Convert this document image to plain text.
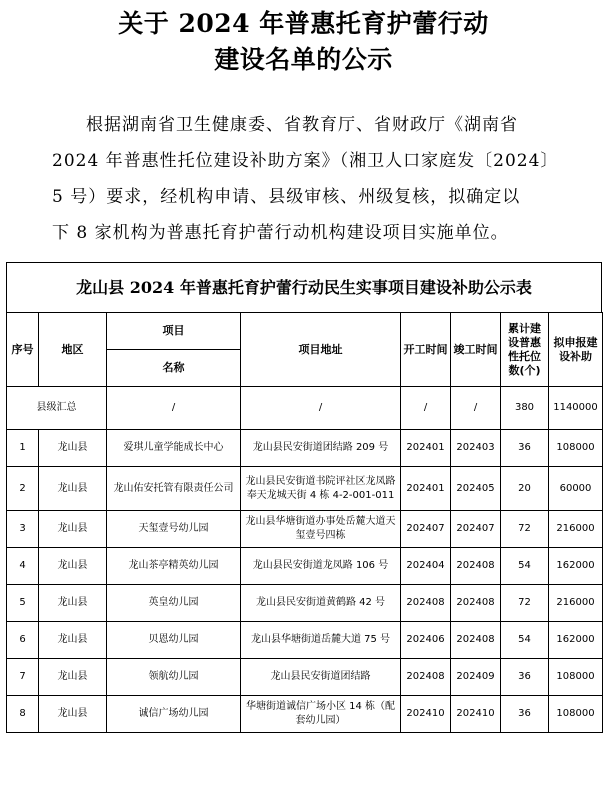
关于 2024 年普惠托育护蕾行动
建设名单的公示
根据湖南省卫生健康委、省教育厅、省财政厅《湖南省
2024 年普惠性托位建设补助方案》（湘卫人口家庭发〔2024〕
5 号）要求，经机构申请、县级审核、州级复核，拟确定以
下 8 家机构为普惠托育护蕾行动机构建设项目实施单位。
龙山县 2024 年普惠托育护蕾行动民生实事项目建设补助公示表
序号	地区	项目	项目地址	开工时间	竣工时间	累计建设普惠性托位数(个)	拟申报建设补助
		名称					
县级汇总		/	/	/	/	380	1140000
1	龙山县	爱琪儿童学能成长中心	龙山县民安街道团结路 209 号	202401	202403	36	108000
2	龙山县	龙山佑安托管有限责任公司	龙山县民安街道书院评社区龙凤路奉天龙城天街 4 栋 4-2-001-011	202401	202405	20	60000
3	龙山县	天玺壹号幼儿园	龙山县华塘街道办事处岳麓大道天玺壹号四栋	202407	202407	72	216000
4	龙山县	龙山茶亭精英幼儿园	龙山县民安街道龙凤路 106 号	202404	202408	54	162000
5	龙山县	英皇幼儿园	龙山县民安街道黄鹤路 42 号	202408	202408	72	216000
6	龙山县	贝恩幼儿园	龙山县华塘街道岳麓大道 75 号	202406	202408	54	162000
7	龙山县	领航幼儿园	龙山县民安街道团结路	202408	202409	36	108000
8	龙山县	诚信广场幼儿园	华塘街道诚信广场小区 14 栋（配套幼儿园）	202410	202410	36	108000
